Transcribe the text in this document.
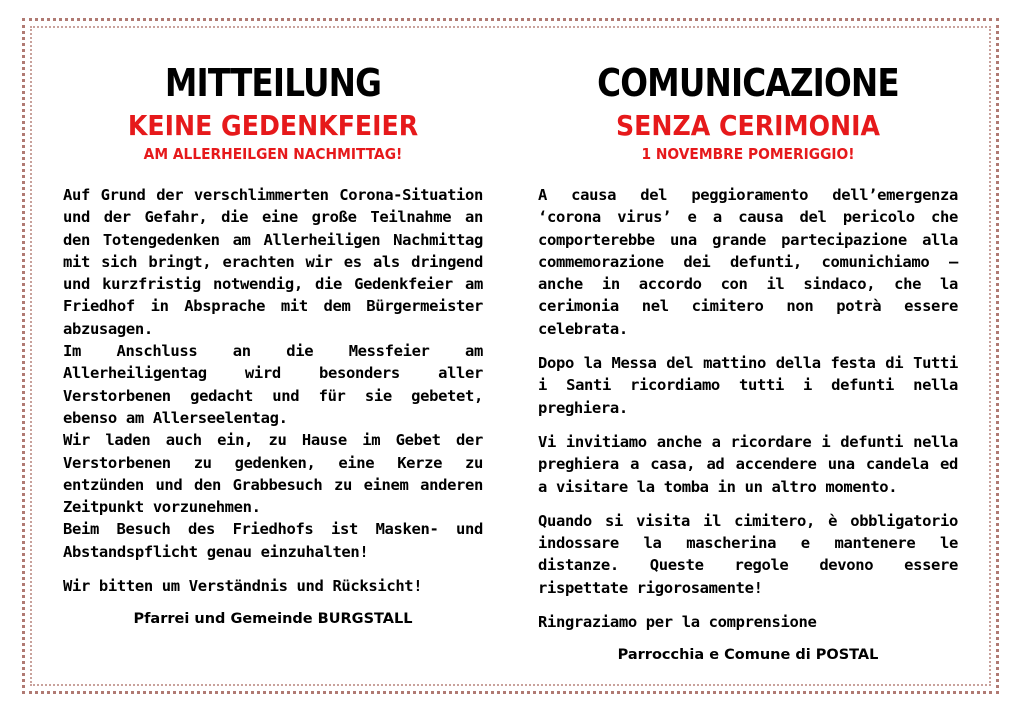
MITTEILUNG
KEINE GEDENKFEIER
AM ALLERHEILGEN NACHMITTAG!

Auf Grund der verschlimmerten Corona-Situation und der Gefahr, die eine große Teilnahme an den Totengedenken am Allerheiligen Nachmittag mit sich bringt, erachten wir es als dringend und kurzfristig notwendig, die Gedenkfeier am Friedhof in Absprache mit dem Bürgermeister abzusagen.

Im Anschluss an die Messfeier am Allerheiligentag wird besonders aller Verstorbenen gedacht und für sie gebetet, ebenso am Allerseelentag.

Wir laden auch ein, zu Hause im Gebet der Verstorbenen zu gedenken, eine Kerze zu entzünden und den Grabbesuch zu einem anderen Zeitpunkt vorzunehmen.

Beim Besuch des Friedhofs ist Masken- und Abstandspflicht genau einzuhalten!

Wir bitten um Verständnis und Rücksicht!

Pfarrei und Gemeinde BURGSTALL
COMUNICAZIONE
SENZA CERIMONIA
1 NOVEMBRE POMERIGGIO!

A causa del peggioramento dell’emergenza ‘corona virus’ e a causa del pericolo che comporterebbe una grande partecipazione alla commemorazione dei defunti, comunichiamo – anche in accordo con il sindaco, che la cerimonia nel cimitero non potrà essere celebrata.

Dopo la Messa del mattino della festa di Tutti i Santi ricordiamo tutti i defunti nella preghiera.

Vi invitiamo anche a ricordare i defunti nella preghiera a casa, ad accendere una candela ed a visitare la tomba in un altro momento.

Quando si visita il cimitero, è obbligatorio indossare la mascherina e mantenere le distanze. Queste regole devono essere rispettate rigorosamente!

Ringraziamo per la comprensione

Parrocchia e Comune di POSTAL
